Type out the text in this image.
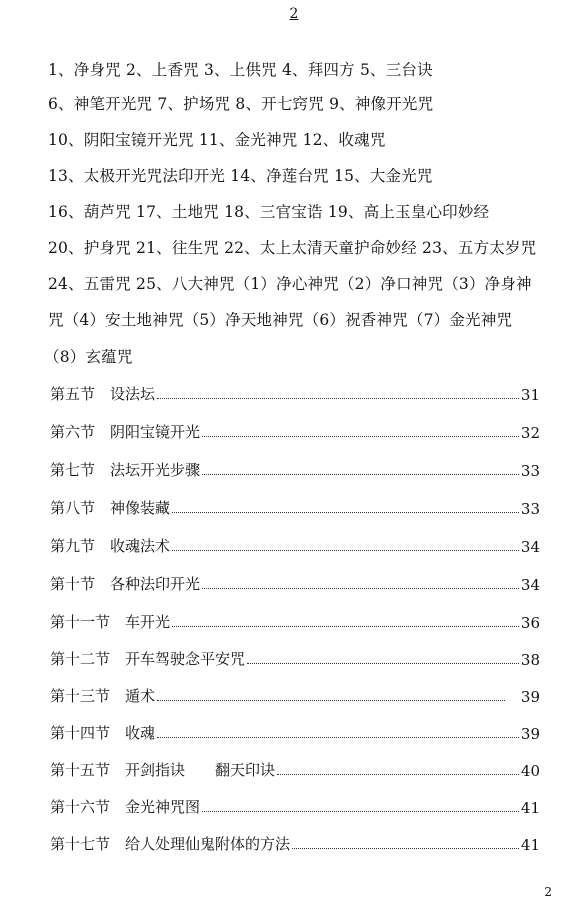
2
1、净身咒 2、上香咒 3、上供咒 4、拜四方 5、三台诀
6、神笔开光咒 7、护场咒 8、开七窍咒 9、神像开光咒
10、阴阳宝镜开光咒 11、金光神咒 12、收魂咒
13、太极开光咒法印开光 14、净莲台咒 15、大金光咒
16、葫芦咒 17、土地咒 18、三官宝诰 19、高上玉皇心印妙经
20、护身咒 21、往生咒 22、太上太清天童护命妙经 23、五方太岁咒
24、五雷咒 25、八大神咒（1）净心神咒（2）净口神咒（3）净身神
咒（4）安土地神咒（5）净天地神咒（6）祝香神咒（7）金光神咒
（8）玄蕴咒
第五节　设法坛	31
第六节　阴阳宝镜开光	32
第七节　法坛开光步骤	33
第八节　神像装藏	33
第九节　收魂法术	34
第十节　各种法印开光	34
第十一节　车开光	36
第十二节　开车驾驶念平安咒	38
第十三节　遁术	39
第十四节　收魂	39
第十五节　开剑指诀　　翻天印诀	40
第十六节　金光神咒图	41
第十七节　给人处理仙鬼附体的方法	41
2
